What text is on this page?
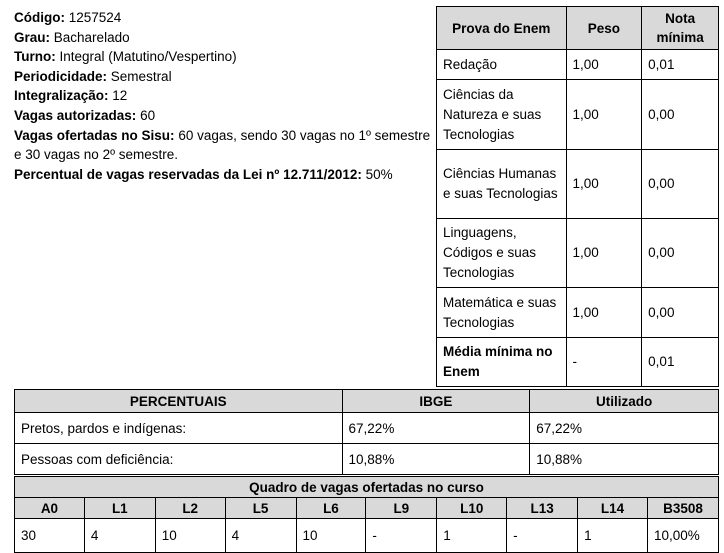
Código: 1257524

Grau: Bacharelado

Turno: Integral (Matutino/Vespertino)

Periodicidade: Semestral

Integralização: 12

Vagas autorizadas: 60

Vagas ofertadas no Sisu: 60 vagas, sendo 30 vagas no 1º semestre e 30 vagas no 2º semestre.

Percentual de vagas reservadas da Lei nº 12.711/2012: 50%

Prova do Enem	Peso	Nota mínima
Redação	1,00	0,01
Ciências da Natureza e suas Tecnologias	1,00	0,00
Ciências Humanas e suas Tecnologias	1,00	0,00
Linguagens, Códigos e suas Tecnologias	1,00	0,00
Matemática e suas Tecnologias	1,00	0,00
Média mínima no Enem	-	0,01
PERCENTUAIS	IBGE	Utilizado
Pretos, pardos e indígenas:	67,22%	67,22%
Pessoas com deficiência:	10,88%	10,88%
Quadro de vagas ofertadas no curso									
A0	L1	L2	L5	L6	L9	L10	L13	L14	B3508
30	4	10	4	10	-	1	-	1	10,00%
